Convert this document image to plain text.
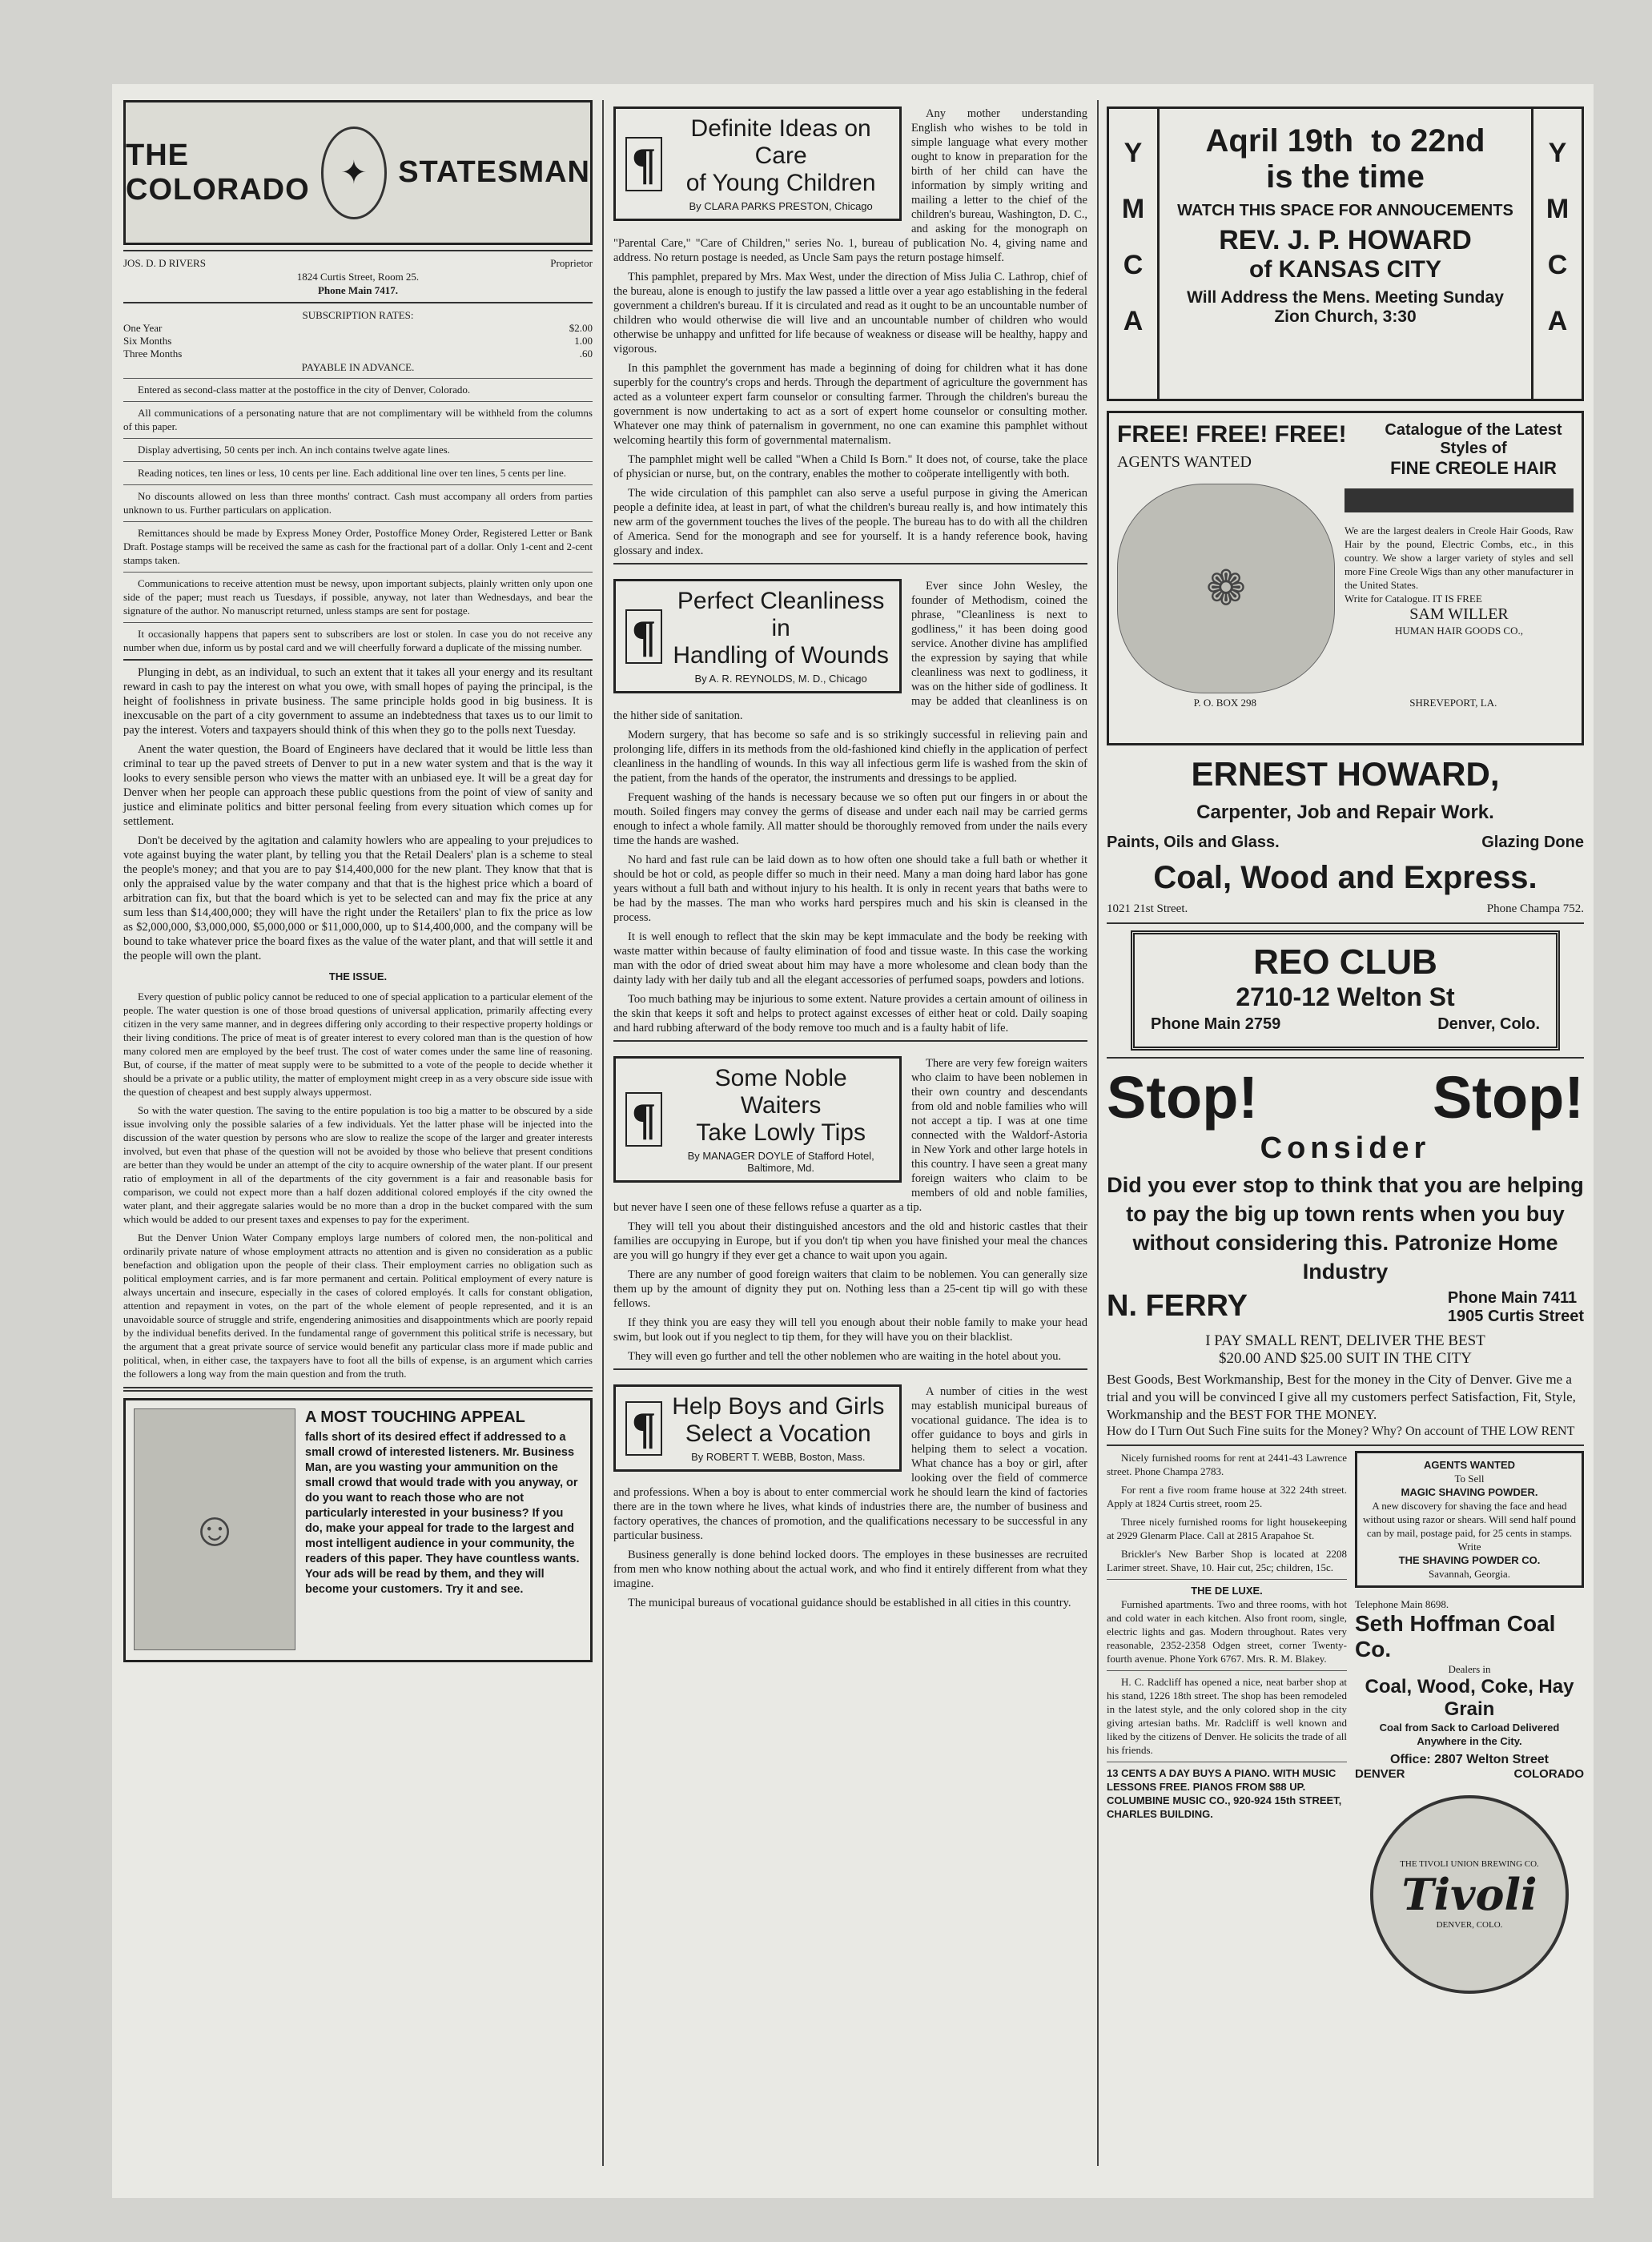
THE COLORADO ✦	STATESMAN
JOS. D. D RIVERS	Proprietor
1824 Curtis Street, Room 25.
Phone Main 7417.
SUBSCRIPTION RATES:
One Year	$2.00
Six Months	1.00
Three Months	.60
PAYABLE IN ADVANCE.
Entered as second-class matter at the postoffice in the city of Denver, Colorado.
All communications of a personating nature that are not complimentary will be withheld from the columns of this paper.
Display advertising, 50 cents per inch. An inch contains twelve agate lines.
Reading notices, ten lines or less, 10 cents per line. Each additional line over ten lines, 5 cents per line.
No discounts allowed on less than three months' contract. Cash must accompany all orders from parties unknown to us. Further particulars on application.
Remittances should be made by Express Money Order, Postoffice Money Order, Registered Letter or Bank Draft. Postage stamps will be received the same as cash for the fractional part of a dollar. Only 1-cent and 2-cent stamps taken.
Communications to receive attention must be newsy, upon important subjects, plainly written only upon one side of the paper; must reach us Tuesdays, if possible, anyway, not later than Wednesdays, and bear the signature of the author. No manuscript returned, unless stamps are sent for postage.
It occasionally happens that papers sent to subscribers are lost or stolen. In case you do not receive any number when due, inform us by postal card and we will cheerfully forward a duplicate of the missing number.
Plunging in debt, as an individual, to such an extent that it takes all your energy and its resultant reward in cash to pay the interest on what you owe, with small hopes of paying the principal, is the height of foolishness in private business. The same principle holds good in big business. It is inexcusable on the part of a city government to assume an indebtedness that taxes us to our limit to pay the interest. Voters and taxpayers should think of this when they go to the polls next Tuesday.
Anent the water question, the Board of Engineers have declared that it would be little less than criminal to tear up the paved streets of Denver to put in a new water system and that is the way it looks to every sensible person who views the matter with an unbiased eye. It will be a great day for Denver when her people can approach these public questions from the point of view of sanity and justice and eliminate politics and bitter personal feeling from every situation which comes up for settlement.
Don't be deceived by the agitation and calamity howlers who are appealing to your prejudices to vote against buying the water plant, by telling you that the Retail Dealers' plan is a scheme to steal the people's money; and that you are to pay $14,400,000 for the new plant. They know that that is only the appraised value by the water company and that that is the highest price which a board of arbitration can fix, but that the board which is yet to be selected can and may fix the price at any sum less than $14,400,000; they will have the right under the Retailers' plan to fix the price as low as $2,000,000, $3,000,000, $5,000,000 or $11,000,000, up to $14,400,000, and the company will be bound to take whatever price the board fixes as the value of the water plant, and that will settle it and the people will own the plant.
THE ISSUE.
Every question of public policy cannot be reduced to one of special application to a particular element of the people. The water question is one of those broad questions of universal application, primarily affecting every citizen in the very same manner, and in degrees differing only according to their respective property holdings or their living conditions. The price of meat is of greater interest to every colored man than is the question of how many colored men are employed by the beef trust. The cost of water comes under the same line of reasoning. But, of course, if the matter of meat supply were to be submitted to a vote of the people to decide whether it should be a private or a public utility, the matter of employment might creep in as a very obscure side issue with the question of cheapest and best supply always uppermost.
So with the water question. The saving to the entire population is too big a matter to be obscured by a side issue involving only the possible salaries of a few individuals. Yet the latter phase will be injected into the discussion of the water question by persons who are slow to realize the scope of the larger and greater interests involved, but even that phase of the question will not be avoided by those who believe that present conditions are better than they would be under an attempt of the city to acquire ownership of the water plant. If our present ratio of employment in all of the departments of the city government is a fair and reasonable basis for comparison, we could not expect more than a half dozen additional colored employés if the city owned the water plant, and their aggregate salaries would be no more than a drop in the bucket compared with the sum which would be added to our present taxes and expenses to pay for the experiment.
But the Denver Union Water Company employs large numbers of colored men, the non-political and ordinarily private nature of whose employment attracts no attention and is given no consideration as a public benefaction and obligation upon the people of their class. Their employment carries no obligation such as political employment carries, and is far more permanent and certain. Political employment of every nature is always uncertain and insecure, especially in the cases of colored employés. It calls for constant obligation, attention and repayment in votes, on the part of the whole element of people represented, and it is an unavoidable source of struggle and strife, engendering animosities and disappointments which are poorly repaid by the individual benefits derived. In the fundamental range of government this political strife is necessary, but the argument that a great private source of service would benefit any particular class more if made public and political, when, in either case, the taxpayers have to foot all the bills of expense, is an argument which carries the followers a long way from the main question and from the truth.
☺
A MOST TOUCHING APPEAL
falls short of its desired effect if addressed to a small crowd of interested listeners. Mr. Business Man, are you wasting your ammunition on the small crowd that would trade with you anyway, or do you want to reach those who are not particularly interested in your business? If you do, make your appeal for trade to the largest and most intelligent audience in your community, the readers of this paper. They have countless wants. Your ads will be read by them, and they will become your customers. Try it and see.
¶
Definite Ideas on Care
of Young Children
By CLARA PARKS PRESTON, Chicago
Any mother understanding English who wishes to be told in simple language what every mother ought to know in preparation for the birth of her child can have the information by simply writing and mailing a letter to the chief of the children's bureau, Washington, D. C., and asking for the monograph on "Parental Care," "Care of Children," series No. 1, bureau of publication No. 4, giving name and address. No return postage is needed, as Uncle Sam pays the return postage himself.
This pamphlet, prepared by Mrs. Max West, under the direction of Miss Julia C. Lathrop, chief of the bureau, alone is enough to justify the law passed a little over a year ago establishing in the federal government a children's bureau. If it is circulated and read as it ought to be an uncountable number of children who would otherwise die will live and an uncountable number of children who would otherwise be unhappy and unfitted for life because of weakness or disease will be healthy, happy and vigorous.
In this pamphlet the government has made a beginning of doing for children what it has done superbly for the country's crops and herds. Through the department of agriculture the government has acted as a volunteer expert farm counselor or consulting farmer. Through the children's bureau the government is now undertaking to act as a sort of expert home counselor or consulting mother. Whatever one may think of paternalism in government, no one can examine this pamphlet without welcoming heartily this form of governmental maternalism.
The pamphlet might well be called "When a Child Is Born." It does not, of course, take the place of physician or nurse, but, on the contrary, enables the mother to coöperate intelligently with both.
The wide circulation of this pamphlet can also serve a useful purpose in giving the American people a definite idea, at least in part, of what the children's bureau really is, and how intimately this new arm of the government touches the lives of the people. The bureau has to do with all the children of America. Send for the monograph and see for yourself. It is a handy reference book, having glossary and index.
¶
Perfect Cleanliness in
Handling of Wounds
By A. R. REYNOLDS, M. D., Chicago
Ever since John Wesley, the founder of Methodism, coined the phrase, "Cleanliness is next to godliness," it has been doing good service. Another divine has amplified the expression by saying that while cleanliness was next to godliness, it was on the hither side of godliness. It may be added that cleanliness is on the hither side of sanitation.
Modern surgery, that has become so safe and is so strikingly successful in relieving pain and prolonging life, differs in its methods from the old-fashioned kind chiefly in the application of perfect cleanliness in the handling of wounds. In this way all infectious germ life is washed from the skin of the patient, from the hands of the operator, the instruments and dressings to be applied.
Frequent washing of the hands is necessary because we so often put our fingers in or about the mouth. Soiled fingers may convey the germs of disease and under each nail may be carried germs enough to infect a whole family. All matter should be thoroughly removed from under the nails every time the hands are washed.
No hard and fast rule can be laid down as to how often one should take a full bath or whether it should be hot or cold, as people differ so much in their need. Many a man doing hard labor has gone years without a full bath and without injury to his health. It is only in recent years that baths were to be had by the masses. The man who works hard perspires much and his skin is cleansed in the process.
It is well enough to reflect that the skin may be kept immaculate and the body be reeking with waste matter within because of faulty elimination of food and tissue waste. In this case the working man with the odor of dried sweat about him may have a more wholesome and clean body than the dainty lady with her daily tub and all the elegant accessories of perfumed soaps, powders and lotions.
Too much bathing may be injurious to some extent. Nature provides a certain amount of oiliness in the skin that keeps it soft and helps to protect against excesses of either heat or cold. Daily soaping and hard rubbing afterward of the body remove too much and is a faulty habit of life.
¶
Some Noble Waiters
Take Lowly Tips
By MANAGER DOYLE of Stafford Hotel, Baltimore, Md.
There are very few foreign waiters who claim to have been noblemen in their own country and descendants from old and noble families who will not accept a tip. I was at one time connected with the Waldorf-Astoria in New York and other large hotels in this country. I have seen a great many foreign waiters who claim to be members of old and noble families, but never have I seen one of these fellows refuse a quarter as a tip.
They will tell you about their distinguished ancestors and the old and historic castles that their families are occupying in Europe, but if you don't tip when you have finished your meal the chances are you will go hungry if they ever get a chance to wait upon you again.
There are any number of good foreign waiters that claim to be noblemen. You can generally size them up by the amount of dignity they put on. Nothing less than a 25-cent tip will go with these fellows.
If they think you are easy they will tell you enough about their noble family to make your head swim, but look out if you neglect to tip them, for they will have you on their blacklist.
They will even go further and tell the other noblemen who are waiting in the hotel about you.
¶ Help Boys and Girls
Select a Vocation
By ROBERT T. WEBB, Boston, Mass.
A number of cities in the west may establish municipal bureaus of vocational guidance. The idea is to offer guidance to boys and girls in helping them to select a vocation. What chance has a boy or girl, after looking over the field of commerce and professions. When a boy is about to enter commercial work he should learn the kind of factories there are in the town where he lives, what kinds of industries there are, the number of business and factory operatives, the chances of promotion, and the qualifications necessary to be successful in any particular business.
Business generally is done behind locked doors. The employes in these businesses are recruited from men who know nothing about the actual work, and who find it entirely different from what they imagine.
The municipal bureaus of vocational guidance should be established in all cities in this country.
Y
M
C
A
Aqril 19th  to 22nd
is the time
WATCH THIS SPACE FOR ANNOUCEMENTS
REV. J. P. HOWARD
of KANSAS CITY
Will Address the Mens. Meeting Sunday
Zion Church, 3:30
Y
M
C
A
FREE! FREE! FREE!
AGENTS WANTED
Catalogue of the Latest Styles of
FINE CREOLE HAIR
❁
We are the largest dealers in Creole Hair Goods, Raw Hair by the pound, Electric Combs, etc., in this country. We show a larger variety of styles and sell more Fine Creole Wigs than any other manufacturer in the United States.
Write for Catalogue. IT IS FREE
SAM WILLER
HUMAN HAIR GOODS CO.,
P. O. BOX 298	SHREVEPORT, LA.
ERNEST HOWARD,
Carpenter, Job and Repair Work.
Paints, Oils and Glass.	Glazing Done
Coal, Wood and Express.
1021 21st Street.	Phone Champa 752.
REO CLUB
2710-12 Welton St
Phone Main 2759	Denver, Colo.
Stop!	Stop!
Consider
Did you ever stop to think that you are helping to pay the big up town rents when you buy without considering this. Patronize Home Industry
N. FERRY	Phone Main 7411
1905 Curtis Street
I PAY SMALL RENT, DELIVER THE BEST
$20.00 AND $25.00 SUIT IN THE CITY
Best Goods, Best Workmanship, Best for the money in the City of Denver. Give me a trial and you will be convinced I give all my customers perfect Satisfaction, Fit, Style, Workmanship and the BEST FOR THE MONEY.
How do I Turn Out Such Fine suits for the Money? Why? On account of THE LOW RENT
Nicely furnished rooms for rent at 2441-43 Lawrence street. Phone Champa 2783.
For rent a five room frame house at 322 24th street. Apply at 1824 Curtis street, room 25.
Three nicely furnished rooms for light housekeeping at 2929 Glenarm Place. Call at 2815 Arapahoe St.
Brickler's New Barber Shop is located at 2208 Larimer street. Shave, 10. Hair cut, 25c; children, 15c.
THE DE LUXE.
Furnished apartments. Two and three rooms, with hot and cold water in each kitchen. Also front room, single, electric lights and gas. Modern throughout. Rates very reasonable, 2352-2358 Odgen street, corner Twenty-fourth avenue. Phone York 6767. Mrs. R. M. Blakey.
H. C. Radcliff has opened a nice, neat barber shop at his stand, 1226 18th street. The shop has been remodeled in the latest style, and the only colored shop in the city giving artesian baths. Mr. Radcliff is well known and liked by the citizens of Denver. He solicits the trade of all his friends.
13 CENTS A DAY BUYS A PIANO. WITH MUSIC LESSONS FREE. PIANOS FROM $88 UP. COLUMBINE MUSIC CO., 920-924 15th STREET, CHARLES BUILDING.
AGENTS WANTED
To Sell
MAGIC SHAVING POWDER.
A new discovery for shaving the face and head without using razor or shears. Will send half pound can by mail, postage paid, for 25 cents in stamps. Write
THE SHAVING POWDER CO.
Savannah, Georgia.
Telephone Main 8698.
Seth Hoffman Coal Co.
Dealers in
Coal, Wood, Coke, Hay Grain
Coal from Sack to Carload Delivered Anywhere in the City.
Office: 2807 Welton Street
DENVER	COLORADO
THE TIVOLI UNION BREWING CO.
Tivoli
DENVER, COLO.
